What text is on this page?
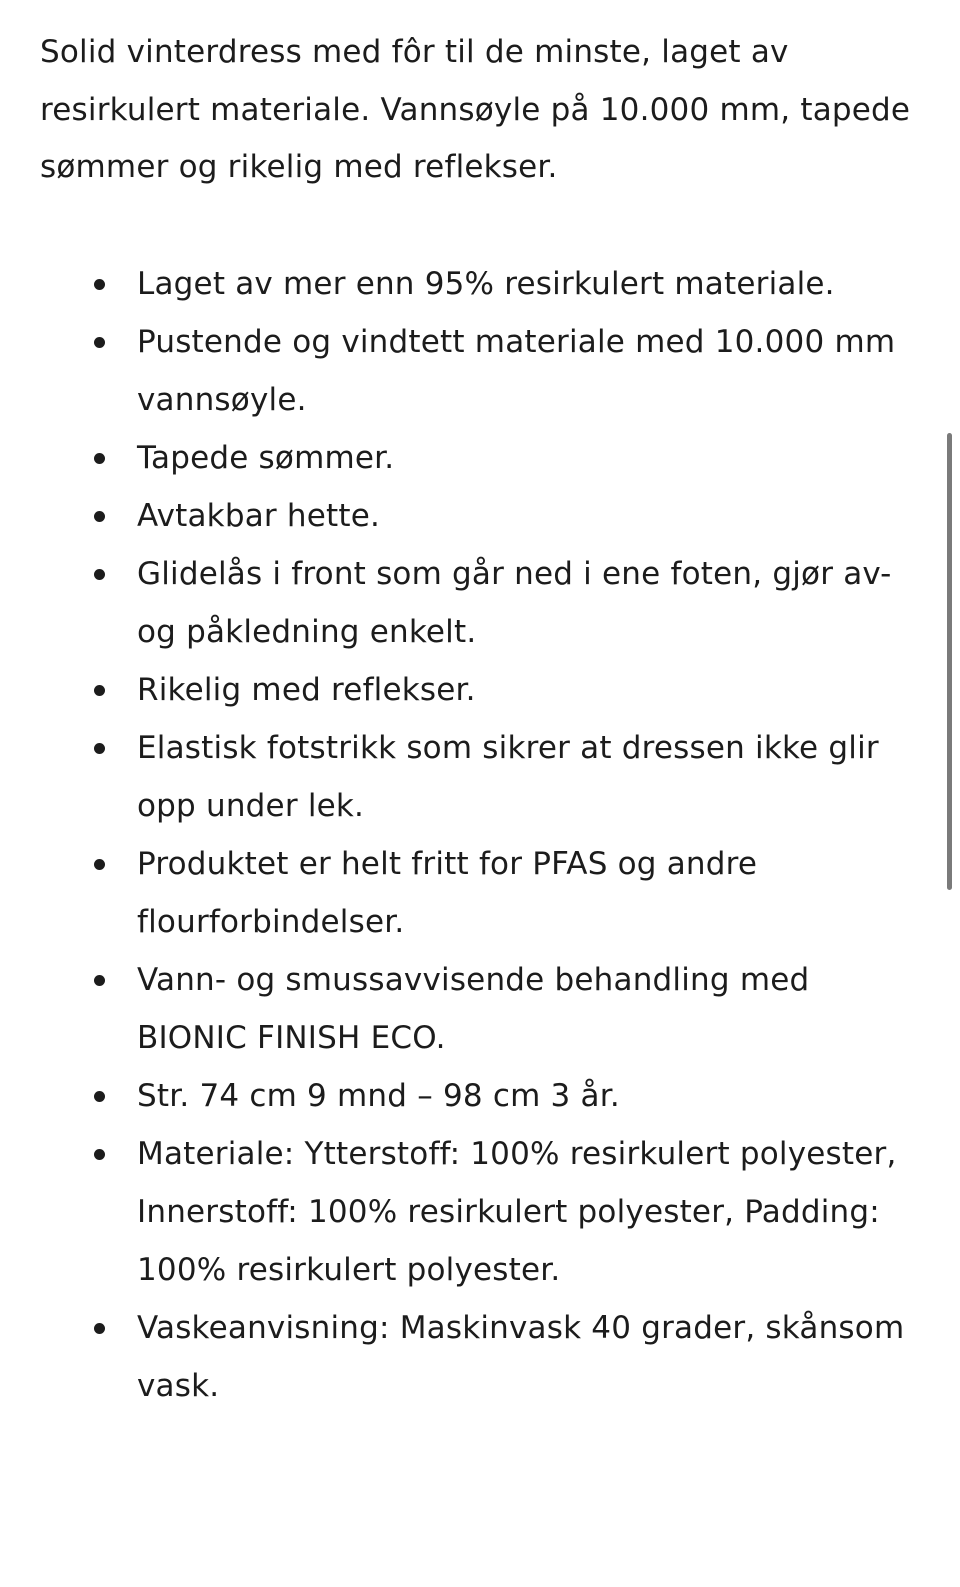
Solid vinterdress med fôr til de minste, laget av resirkulert materiale. Vannsøyle på 10.000 mm, tapede sømmer og rikelig med reflekser.

Laget av mer enn 95% resirkulert materiale.
Pustende og vindtett materiale med 10.000 mm vannsøyle.
Tapede sømmer.
Avtakbar hette.
Glidelås i front som går ned i ene foten, gjør av- og påkledning enkelt.
Rikelig med reflekser.
Elastisk fotstrikk som sikrer at dressen ikke glir opp under lek.
Produktet er helt fritt for PFAS og andre flourforbindelser.
Vann- og smussavvisende behandling med BIONIC FINISH ECO.
Str. 74 cm 9 mnd – 98 cm 3 år.
Materiale: Ytterstoff: 100% resirkulert polyester, Innerstoff: 100% resirkulert polyester, Padding: 100% resirkulert polyester.
Vaskeanvisning: Maskinvask 40 grader, skånsom vask.
